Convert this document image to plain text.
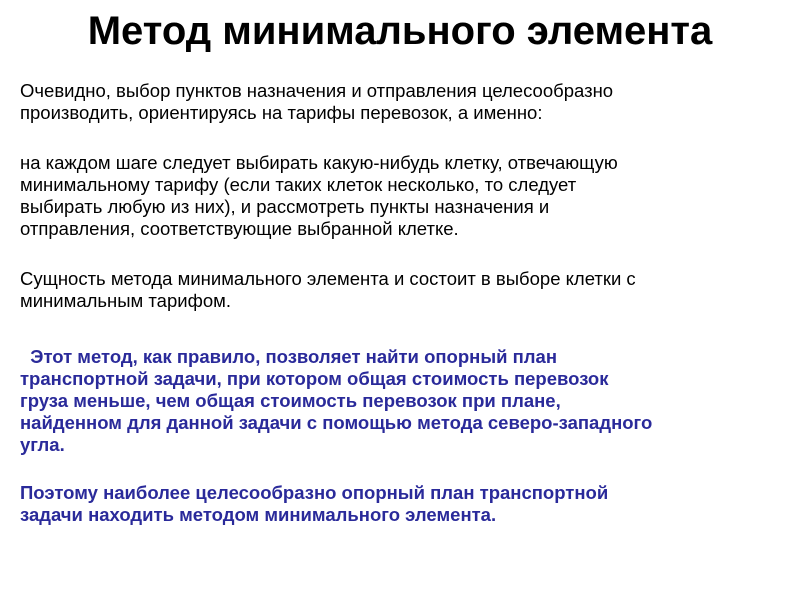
Метод минимального элемента

Очевидно, выбор пунктов назначения и отправления целесообразно
производить, ориентируясь на тарифы перевозок, а именно:

на каждом шаге следует выбирать какую-нибудь клетку, отвечающую
минимальному тарифу (если таких клеток несколько, то следует
выбирать любую из них), и рассмотреть пункты назначения и
отправления, соответствующие выбранной клетке.

Сущность метода минимального элемента и состоит в выборе клетки с
минимальным тарифом.

Этот метод, как правило, позволяет найти опорный план
транспортной задачи, при котором общая стоимость перевозок
груза меньше, чем общая стоимость перевозок при плане,
найденном для данной задачи с помощью метода северо-западного
угла.

Поэтому наиболее целесообразно опорный план транспортной
задачи находить методом минимального элемента.
